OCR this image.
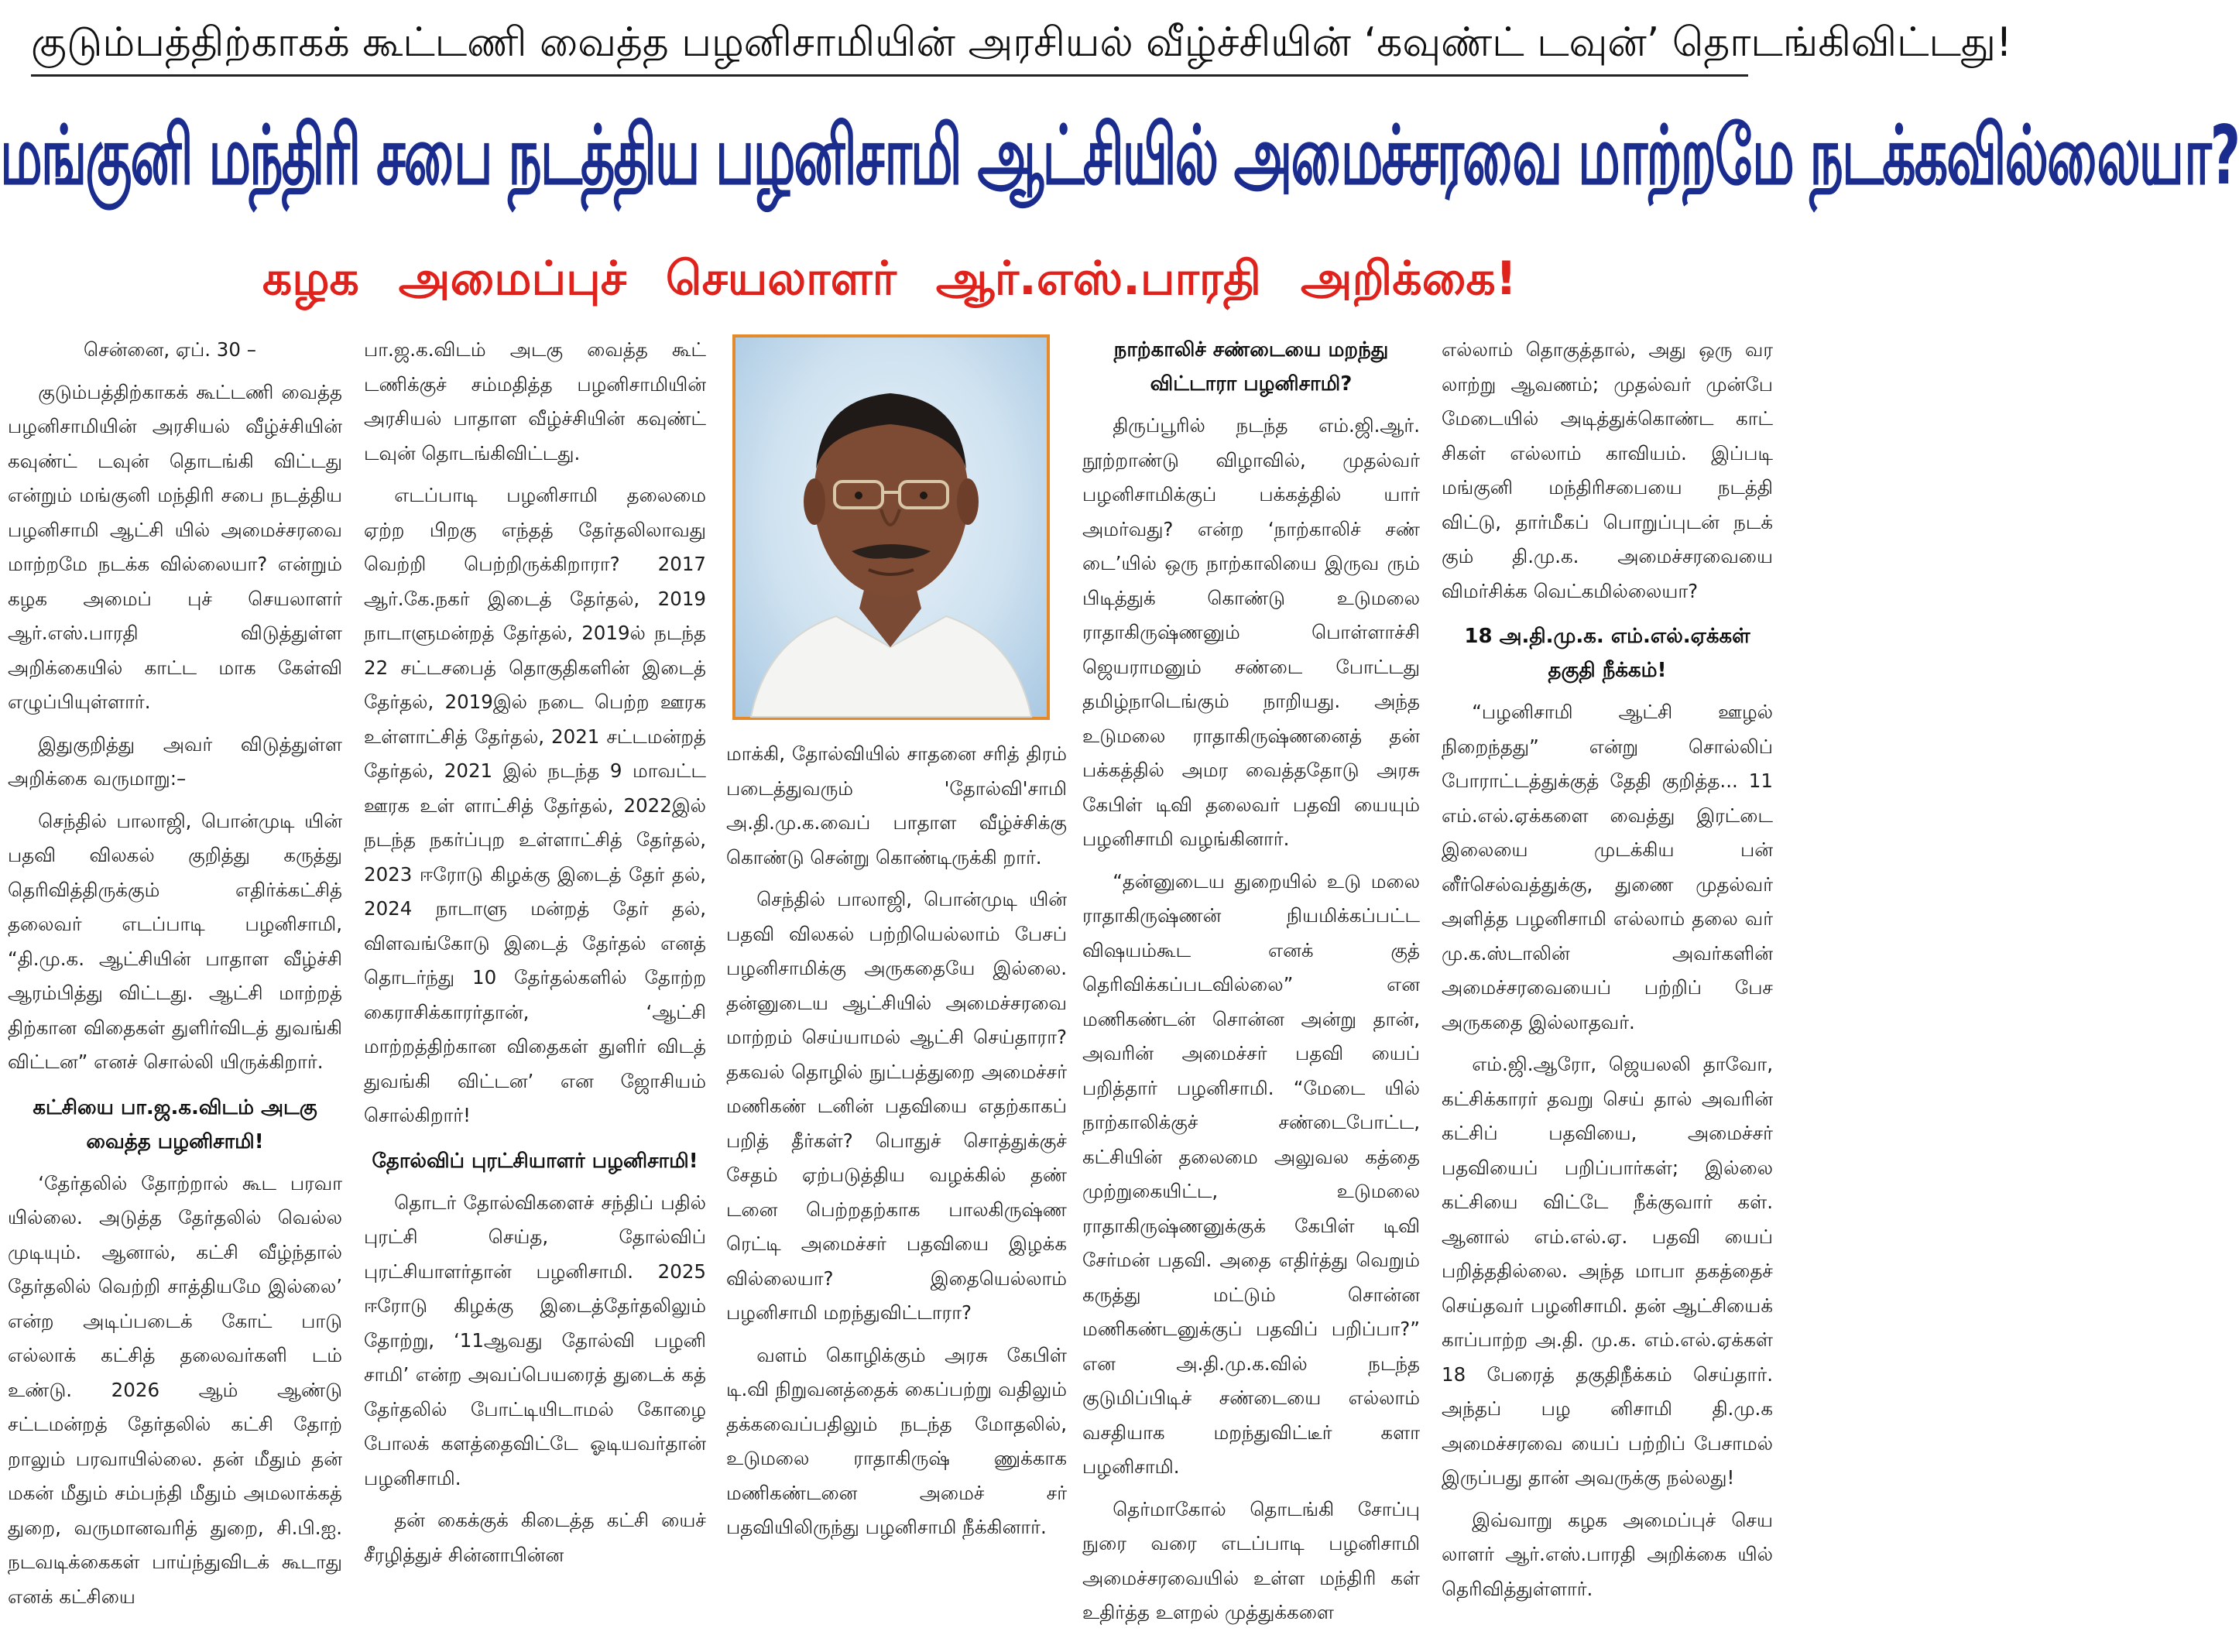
குடும்பத்திற்காகக் கூட்டணி வைத்த பழனிசாமியின் அரசியல் வீழ்ச்சியின் ‘கவுண்ட் டவுன்’ தொடங்கிவிட்டது!
மங்குனி மந்திரி சபை நடத்திய பழனிசாமி ஆட்சியில் அமைச்சரவை மாற்றமே நடக்கவில்லையா?
கழக அமைப்புச் செயலாளர் ஆர்.எஸ்.பாரதி அறிக்கை!

சென்னை, ஏப். 30 –

குடும்பத்திற்காகக் கூட்டணி வைத்த பழனிசாமியின் அரசியல் வீழ்ச்சியின் கவுண்ட் டவுன் தொடங்கி விட்டது என்றும் மங்குனி மந்திரி சபை நடத்திய பழனிசாமி ஆட்சி யில் அமைச்சரவை மாற்றமே நடக்க வில்லையா? என்றும் கழக அமைப் புச் செயலாளர் ஆர்.எஸ்.பாரதி விடுத்துள்ள அறிக்கையில் காட்ட மாக கேள்வி எழுப்பியுள்ளார்.

இதுகுறித்து அவர் விடுத்துள்ள அறிக்கை வருமாறு:–

செந்தில் பாலாஜி, பொன்முடி யின் பதவி விலகல் குறித்து கருத்து தெரிவித்திருக்கும் எதிர்க்கட்சித் தலைவர் எடப்பாடி பழனிசாமி, “தி.மு.க. ஆட்சியின் பாதாள வீழ்ச்சி ஆரம்பித்து விட்டது. ஆட்சி மாற்றத் திற்கான விதைகள் துளிர்விடத் துவங்கி விட்டன” எனச் சொல்லி யிருக்கிறார்.

கட்சியை பா.ஜ.க.விடம் அடகு வைத்த பழனிசாமி!

‘தேர்தலில் தோற்றால் கூட பரவா யில்லை. அடுத்த தேர்தலில் வெல்ல முடியும். ஆனால், கட்சி வீழ்ந்தால் தேர்தலில் வெற்றி சாத்தியமே இல்லை’ என்ற அடிப்படைக் கோட் பாடு எல்லாக் கட்சித் தலைவர்களி டம் உண்டு. 2026 ஆம் ஆண்டு சட்டமன்றத் தேர்தலில் கட்சி தோற் றாலும் பரவாயில்லை. தன் மீதும் தன் மகன் மீதும் சம்பந்தி மீதும் அமலாக்கத் துறை, வருமானவரித் துறை, சி.பி.ஐ. நடவடிக்கைகள் பாய்ந்துவிடக் கூடாது எனக் கட்சியை

பா.ஜ.க.விடம் அடகு வைத்த கூட் டணிக்குச் சம்மதித்த பழனிசாமியின் அரசியல் பாதாள வீழ்ச்சியின் கவுண்ட் டவுன் தொடங்கிவிட்டது.

எடப்பாடி பழனிசாமி தலைமை ஏற்ற பிறகு எந்தத் தேர்தலிலாவது வெற்றி பெற்றிருக்கிறாரா? 2017 ஆர்.கே.நகர் இடைத் தேர்தல், 2019 நாடாளுமன்றத் தேர்தல், 2019ல் நடந்த 22 சட்டசபைத் தொகுதிகளின் இடைத் தேர்தல், 2019இல் நடை பெற்ற ஊரக உள்ளாட்சித் தேர்தல், 2021 சட்டமன்றத் தேர்தல், 2021 இல் நடந்த 9 மாவட்ட ஊரக உள் ளாட்சித் தேர்தல், 2022இல் நடந்த நகர்ப்புற உள்ளாட்சித் தேர்தல், 2023 ஈரோடு கிழக்கு இடைத் தேர் தல், 2024 நாடாளு மன்றத் தேர் தல், விளவங்கோடு இடைத் தேர்தல் எனத் தொடர்ந்து 10 தேர்தல்களில் தோற்ற கைராசிக்காரர்தான், ‘ஆட்சி மாற்றத்திற்கான விதைகள் துளிர் விடத் துவங்கி விட்டன’ என ஜோசியம் சொல்கிறார்!

தோல்விப் புரட்சியாளர் பழனிசாமி!

தொடர் தோல்விகளைச் சந்திப் பதில் புரட்சி செய்த, தோல்விப் புரட்சியாளர்தான் பழனிசாமி. 2025 ஈரோடு கிழக்கு இடைத்தேர்தலிலும் தோற்று, ‘11ஆவது தோல்வி பழனி சாமி’ என்ற அவப்பெயரைத் துடைக் கத் தேர்தலில் போட்டியிடாமல் கோழை போலக் களத்தைவிட்டே ஓடியவர்தான் பழனிசாமி.

தன் கைக்குக் கிடைத்த கட்சி யைச் சீரழித்துச் சின்னாபின்ன

மாக்கி, தோல்வியில் சாதனை சரித் திரம் படைத்துவரும் 'தோல்வி'சாமி அ.தி.மு.க.வைப் பாதாள வீழ்ச்சிக்கு கொண்டு சென்று கொண்டிருக்கி றார்.

செந்தில் பாலாஜி, பொன்முடி யின் பதவி விலகல் பற்றியெல்லாம் பேசப் பழனிசாமிக்கு அருகதையே இல்லை. தன்னுடைய ஆட்சியில் அமைச்சரவை மாற்றம் செய்யாமல் ஆட்சி செய்தாரா? தகவல் தொழில் நுட்பத்துறை அமைச்சர் மணிகண் டனின் பதவியை எதற்காகப் பறித் தீர்கள்? பொதுச் சொத்துக்குச் சேதம் ஏற்படுத்திய வழக்கில் தண் டனை பெற்றதற்காக பாலகிருஷ்ண ரெட்டி அமைச்சர் பதவியை இழக்க வில்லையா? இதையெல்லாம் பழனிசாமி மறந்துவிட்டாரா?

வளம் கொழிக்கும் அரசு கேபிள் டி.வி நிறுவனத்தைக் கைப்பற்று வதிலும் தக்கவைப்பதிலும் நடந்த மோதலில், உடுமலை ராதாகிருஷ் ணுக்காக மணிகண்டனை அமைச் சர் பதவியிலிருந்து பழனிசாமி நீக்கினார்.

நாற்காலிச் சண்டையை மறந்து விட்டாரா பழனிசாமி?

திருப்பூரில் நடந்த எம்.ஜி.ஆர். நூற்றாண்டு விழாவில், முதல்வர் பழனிசாமிக்குப் பக்கத்தில் யார் அமர்வது? என்ற ‘நாற்காலிச் சண் டை’யில் ஒரு நாற்காலியை இருவ ரும் பிடித்துக் கொண்டு உடுமலை ராதாகிருஷ்ணனும் பொள்ளாச்சி ஜெயராமனும் சண்டை போட்டது தமிழ்நாடெங்கும் நாறியது. அந்த உடுமலை ராதாகிருஷ்ணனைத் தன் பக்கத்தில் அமர வைத்ததோடு அரசு கேபிள் டிவி தலைவர் பதவி யையும் பழனிசாமி வழங்கினார்.

“தன்னுடைய துறையில் உடு மலை ராதாகிருஷ்ணன் நியமிக்கப்பட்ட விஷயம்கூட எனக் குத் தெரிவிக்கப்படவில்லை” என மணிகண்டன் சொன்ன அன்று தான், அவரின் அமைச்சர் பதவி யைப் பறித்தார் பழனிசாமி. “மேடை யில் நாற்காலிக்குச் சண்டைபோட்ட, கட்சியின் தலைமை அலுவல கத்தை முற்றுகையிட்ட, உடுமலை ராதாகிருஷ்ணனுக்குக் கேபிள் டிவி சேர்மன் பதவி. அதை எதிர்த்து வெறும் கருத்து மட்டும் சொன்ன மணிகண்டனுக்குப் பதவிப் பறிப்பா?” என அ.தி.மு.க.வில் நடந்த குடுமிப்பிடிச் சண்டையை எல்லாம் வசதியாக மறந்துவிட்டீர் களா பழனிசாமி.

தெர்மாகோல் தொடங்கி சோப்பு நுரை வரை எடப்பாடி பழனிசாமி அமைச்சரவையில் உள்ள மந்திரி கள் உதிர்த்த உளறல் முத்துக்களை

எல்லாம் தொகுத்தால், அது ஒரு வர லாற்று ஆவணம்; முதல்வர் முன்பே மேடையில் அடித்துக்கொண்ட காட் சிகள் எல்லாம் காவியம். இப்படி மங்குனி மந்திரிசபையை நடத்தி விட்டு, தார்மீகப் பொறுப்புடன் நடக் கும் தி.மு.க. அமைச்சரவையை விமர்சிக்க வெட்கமில்லையா?

18 அ.தி.மு.க. எம்.எல்.ஏக்கள் தகுதி நீக்கம்!

“பழனிசாமி ஆட்சி ஊழல் நிறைந்தது” என்று சொல்லிப் போராட்டத்துக்குத் தேதி குறித்த... 11 எம்.எல்.ஏக்களை வைத்து இரட்டை இலையை முடக்கிய பன் னீர்செல்வத்துக்கு, துணை முதல்வர் அளித்த பழனிசாமி எல்லாம் தலை வர் மு.க.ஸ்டாலின் அவர்களின் அமைச்சரவையைப் பற்றிப் பேச அருகதை இல்லாதவர்.

எம்.ஜி.ஆரோ, ஜெயலலி தாவோ, கட்சிக்காரர் தவறு செய் தால் அவரின் கட்சிப் பதவியை, அமைச்சர் பதவியைப் பறிப்பார்கள்; இல்லை கட்சியை விட்டே நீக்குவார் கள். ஆனால் எம்.எல்.ஏ. பதவி யைப் பறித்ததில்லை. அந்த மாபா தகத்தைச் செய்தவர் பழனிசாமி. தன் ஆட்சியைக் காப்பாற்ற அ.தி. மு.க. எம்.எல்.ஏக்கள் 18 பேரைத் தகுதிநீக்கம் செய்தார். அந்தப் பழ னிசாமி தி.மு.க அமைச்சரவை யைப் பற்றிப் பேசாமல் இருப்பது தான் அவருக்கு நல்லது!

இவ்வாறு கழக அமைப்புச் செய லாளர் ஆர்.எஸ்.பாரதி அறிக்கை யில் தெரிவித்துள்ளார்.
